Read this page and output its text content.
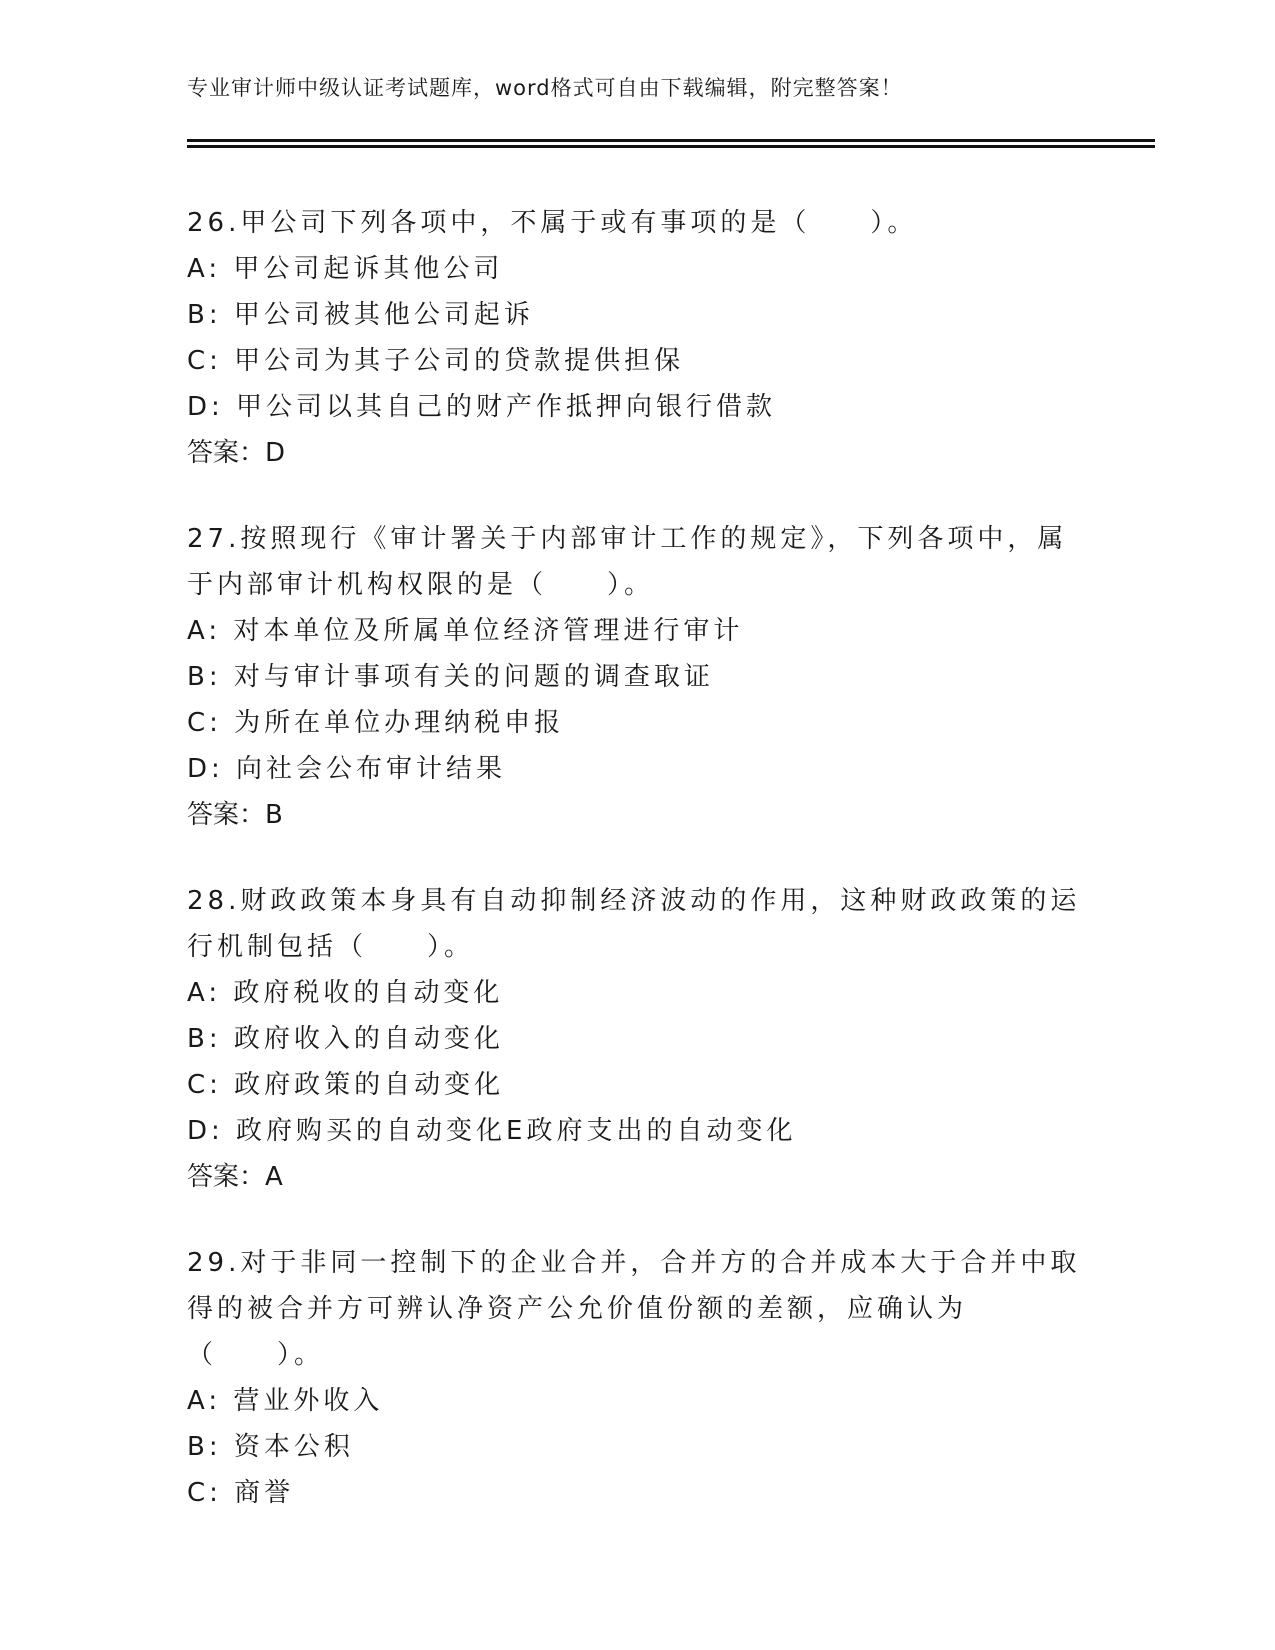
专业审计师中级认证考试题库，word格式可自由下载编辑，附完整答案！

26.甲公司下列各项中，不属于或有事项的是（　　）。

A: 甲公司起诉其他公司

B: 甲公司被其他公司起诉

C: 甲公司为其子公司的贷款提供担保

D: 甲公司以其自己的财产作抵押向银行借款

答案：D

27.按照现行《审计署关于内部审计工作的规定》，下列各项中，属于内部审计机构权限的是（　　）。

A: 对本单位及所属单位经济管理进行审计

B: 对与审计事项有关的问题的调查取证

C: 为所在单位办理纳税申报

D: 向社会公布审计结果

答案：B

28.财政政策本身具有自动抑制经济波动的作用，这种财政政策的运行机制包括（　　）。

A: 政府税收的自动变化

B: 政府收入的自动变化

C: 政府政策的自动变化

D: 政府购买的自动变化E政府支出的自动变化

答案：A

29.对于非同一控制下的企业合并，合并方的合并成本大于合并中取得的被合并方可辨认净资产公允价值份额的差额，应确认为（　　）。

A: 营业外收入

B: 资本公积

C: 商誉
